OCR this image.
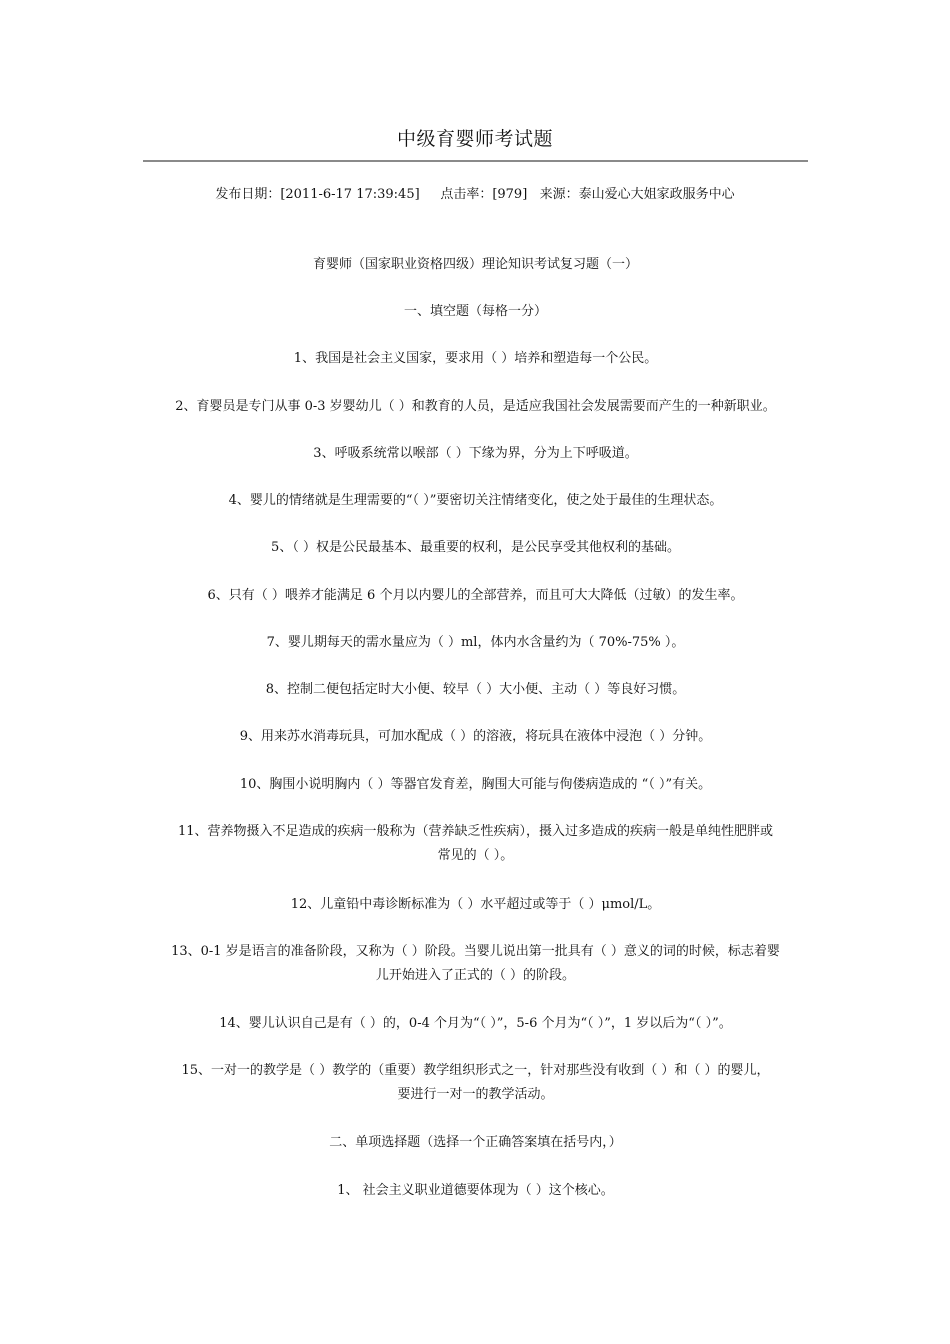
中级育婴师考试题
发布日期：[2011-6-17 17:39:45]     点击率：[979]   来源：泰山爱心大姐家政服务中心
育婴师（国家职业资格四级）理论知识考试复习题（一）
一、填空题（每格一分）
1、我国是社会主义国家，要求用（ ）培养和塑造每一个公民。
2、育婴员是专门从事 0-3 岁婴幼儿（ ）和教育的人员，是适应我国社会发展需要而产生的一种新职业。
3、呼吸系统常以喉部（ ）下缘为界，分为上下呼吸道。
4、婴儿的情绪就是生理需要的“（ ）”要密切关注情绪变化，使之处于最佳的生理状态。
5、（ ）权是公民最基本、最重要的权利，是公民享受其他权利的基础。
6、只有（ ）喂养才能满足 6 个月以内婴儿的全部营养，而且可大大降低（过敏）的发生率。
7、婴儿期每天的需水量应为（ ）ml，体内水含量约为（ 70%-75% ）。
8、控制二便包括定时大小便、较早（ ）大小便、主动（ ）等良好习惯。
9、用来苏水消毒玩具，可加水配成（ ）的溶液，将玩具在液体中浸泡（ ）分钟。
10、胸围小说明胸内（ ）等器官发育差，胸围大可能与佝偻病造成的 “（ ）”有关。
11、营养物摄入不足造成的疾病一般称为（营养缺乏性疾病），摄入过多造成的疾病一般是单纯性肥胖或
常见的（ ）。
12、儿童铅中毒诊断标准为（ ）水平超过或等于（ ）μmol/L。
13、0-1 岁是语言的准备阶段，又称为（ ）阶段。当婴儿说出第一批具有（ ）意义的词的时候，标志着婴
儿开始进入了正式的（ ）的阶段。
14、婴儿认识自己是有（ ）的，0-4 个月为“（ ）”，5-6 个月为“（ ）”，1 岁以后为“（ ）”。
15、一对一的教学是（ ）教学的（重要）教学组织形式之一，针对那些没有收到（ ）和（ ）的婴儿，
要进行一对一的教学活动。
二、单项选择题（选择一个正确答案填在括号内，）
1、 社会主义职业道德要体现为（ ）这个核心。
